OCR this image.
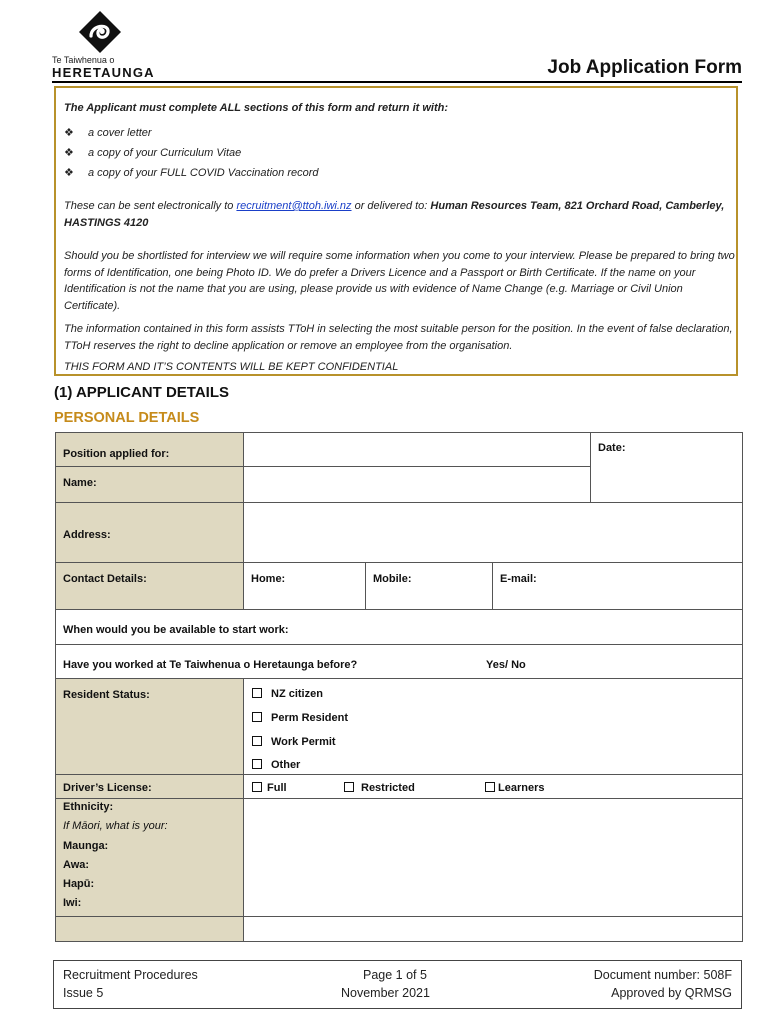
Te Taiwhenua o
HERETAUNGA	Job Application Form

The Applicant must complete ALL sections of this form and return it with:

❖ a cover letter
❖ a copy of your Curriculum Vitae
❖ a copy of your FULL COVID Vaccination record

These can be sent electronically to recruitment@ttoh.iwi.nz or delivered to: Human Resources Team, 821 Orchard Road, Camberley, HASTINGS 4120

Should you be shortlisted for interview we will require some information when you come to your interview. Please be prepared to bring two forms of Identification, one being Photo ID. We do prefer a Drivers Licence and a Passport or Birth Certificate. If the name on your Identification is not the name that you are using, please provide us with evidence of Name Change (e.g. Marriage or Civil Union Certificate).

The information contained in this form assists TToH in selecting the most suitable person for the position. In the event of false declaration, TToH reserves the right to decline application or remove an employee from the organisation.

THIS FORM AND IT’S CONTENTS WILL BE KEPT CONFIDENTIAL

(1) APPLICANT DETAILS
PERSONAL DETAILS
Position applied for:	Date:
Name:
Address:
Contact Details:	Home:	Mobile:	E-mail:
When would you be available to start work:
Have you worked at Te Taiwhenua o Heretaunga before?	Yes/ No
Resident Status:	NZ citizen
Perm Resident
Work Permit
Other
Driver’s License:	Full	Restricted	Learners
Ethnicity:
If Māori, what is your:
Maunga:
Awa:
Hapū:
Iwi:
Recruitment Procedures
Issue 5
Page 1 of 5
November 2021
Document number: 508F
Approved by QRMSG
